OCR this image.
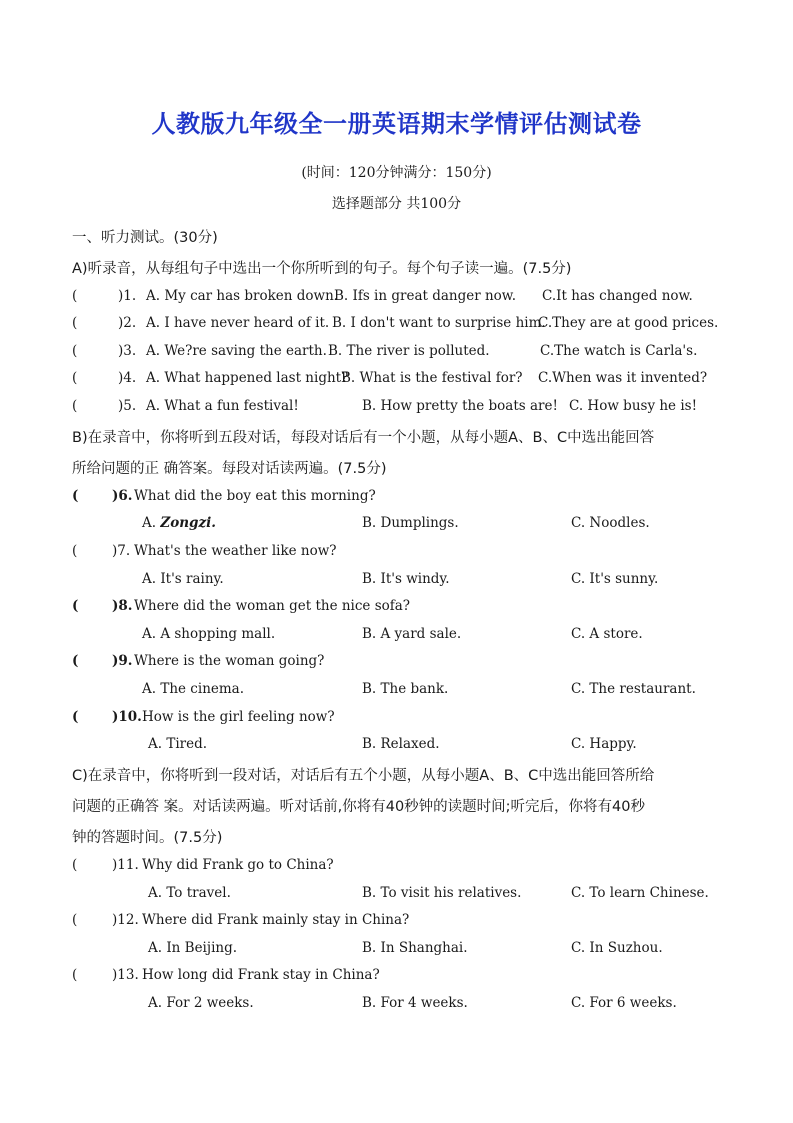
人教版九年级全一册英语期末学情评估测试卷
(时间：120分钟满分：150分)
选择题部分 共100分
一、听力测试。(30分)
A)听录音，从每组句子中选出一个你所听到的句子。每个句子读一遍。(7.5分)
(	)1. A. My car has broken down.
B. Ifs in great danger now. C.It has changed now.
(	)2. A. I have never heard of it. B. I don't want to surprise him.
C.They are at good prices.
(	)3. A. We?re saving the earth. B. The river is polluted.	C.The watch is Carla's.
(	)4. A. What happened last night?
B. What is the festival for? C.When was it invented?
(	)5. A. What a fun festival!	B. How pretty the boats are! C. How busy he is!
B)在录音中，你将听到五段对话，每段对话后有一个小题，从每小题A、B、C中选出能回答
所给问题的正 确答案。每段对话读两遍。(7.5分)
( )6. What did the boy eat this morning?
A. Zongzi.	B. Dumplings.	C. Noodles.
(	)7. What's the weather like now?
A. It's rainy.	B. It's windy.	C. It's sunny.
( )8. Where did the woman get the nice sofa?
A. A shopping mall.	B. A yard sale.	C. A store.
( )9. Where is the woman going?
A. The cinema.	B. The bank.	C. The restaurant.
( )10. How is the girl feeling now?
A. Tired.	B. Relaxed.	C. Happy.
C)在录音中，你将听到一段对话，对话后有五个小题，从每小题A、B、C中选出能回答所给
问题的正确答 案。对话读两遍。听对话前,你将有40秒钟的读题时间;听完后，你将有40秒
钟的答题时间。(7.5分)
(	)11. Why did Frank go to China?
A. To travel.	B. To visit his relatives.	C. To learn Chinese.
(	)12. Where did Frank mainly stay in China?
A. In Beijing.	B. In Shanghai.	C. In Suzhou.
(	)13. How long did Frank stay in China?
A. For 2 weeks.	B. For 4 weeks.	C. For 6 weeks.
